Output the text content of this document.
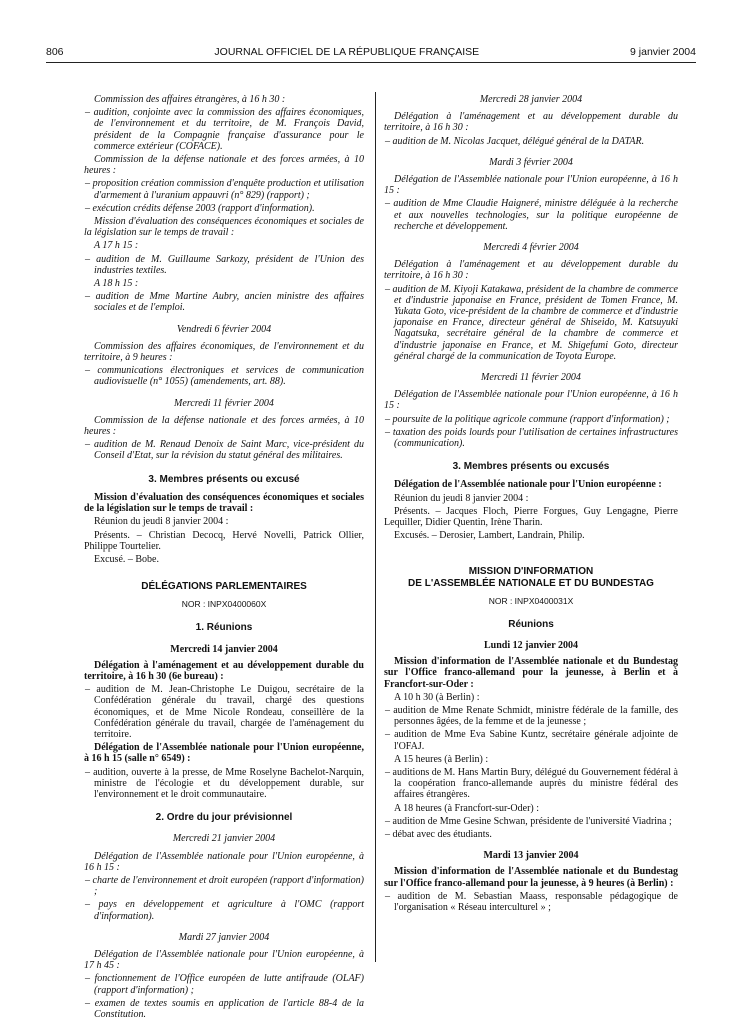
806	JOURNAL OFFICIEL DE LA RÉPUBLIQUE FRANÇAISE	9 janvier 2004

Commission des affaires étrangères, à 16 h 30 :

– audition, conjointe avec la commission des affaires économiques, de l'environnement et du territoire, de M. François David, président de la Compagnie française d'assurance pour le commerce extérieur (COFACE).

Commission de la défense nationale et des forces armées, à 10 heures :

– proposition création commission d'enquête production et utilisation d'armement à l'uranium appauvri (n° 829) (rapport) ;

– exécution crédits défense 2003 (rapport d'information).

Mission d'évaluation des conséquences économiques et sociales de la législation sur le temps de travail :

A 17 h 15 :

– audition de M. Guillaume Sarkozy, président de l'Union des industries textiles.

A 18 h 15 :

– audition de Mme Martine Aubry, ancien ministre des affaires sociales et de l'emploi.

Vendredi 6 février 2004

Commission des affaires économiques, de l'environnement et du territoire, à 9 heures :

– communications électroniques et services de communication audiovisuelle (n° 1055) (amendements, art. 88).

Mercredi 11 février 2004

Commission de la défense nationale et des forces armées, à 10 heures :

– audition de M. Renaud Denoix de Saint Marc, vice-président du Conseil d'Etat, sur la révision du statut général des militaires.

3. Membres présents ou excusé

Mission d'évaluation des conséquences économiques et sociales de la législation sur le temps de travail :

Réunion du jeudi 8 janvier 2004 :

Présents. – Christian Decocq, Hervé Novelli, Patrick Ollier, Philippe Tourtelier.

Excusé. – Bobe.

DÉLÉGATIONS PARLEMENTAIRES

NOR : INPX0400060X

1. Réunions

Mercredi 14 janvier 2004

Délégation à l'aménagement et au développement durable du territoire, à 16 h 30 (6e bureau) :

– audition de M. Jean-Christophe Le Duigou, secrétaire de la Confédération générale du travail, chargé des questions économiques, et de Mme Nicole Rondeau, conseillère de la Confédération générale du travail, chargée de l'aménagement du territoire.

Délégation de l'Assemblée nationale pour l'Union européenne, à 16 h 15 (salle n° 6549) :

– audition, ouverte à la presse, de Mme Roselyne Bachelot-Narquin, ministre de l'écologie et du développement durable, sur l'environnement et le droit communautaire.

2. Ordre du jour prévisionnel

Mercredi 21 janvier 2004

Délégation de l'Assemblée nationale pour l'Union européenne, à 16 h 15 :

– charte de l'environnement et droit européen (rapport d'information) ;

– pays en développement et agriculture à l'OMC (rapport d'information).

Mardi 27 janvier 2004

Délégation de l'Assemblée nationale pour l'Union européenne, à 17 h 45 :

– fonctionnement de l'Office européen de lutte antifraude (OLAF) (rapport d'information) ;

– examen de textes soumis en application de l'article 88-4 de la Constitution.

Mercredi 28 janvier 2004

Délégation à l'aménagement et au développement durable du territoire, à 16 h 30 :

– audition de M. Nicolas Jacquet, délégué général de la DATAR.

Mardi 3 février 2004

Délégation de l'Assemblée nationale pour l'Union européenne, à 16 h 15 :

– audition de Mme Claudie Haigneré, ministre déléguée à la recherche et aux nouvelles technologies, sur la politique européenne de recherche et développement.

Mercredi 4 février 2004

Délégation à l'aménagement et au développement durable du territoire, à 16 h 30 :

– audition de M. Kiyoji Katakawa, président de la chambre de commerce et d'industrie japonaise en France, président de Tomen France, M. Yukata Goto, vice-président de la chambre de commerce et d'industrie japonaise en France, directeur général de Shiseido, M. Katsuyuki Nagatsuka, secrétaire général de la chambre de commerce et d'industrie japonaise en France, et M. Shigefumi Goto, directeur général chargé de la communication de Toyota Europe.

Mercredi 11 février 2004

Délégation de l'Assemblée nationale pour l'Union européenne, à 16 h 15 :

– poursuite de la politique agricole commune (rapport d'information) ;

– taxation des poids lourds pour l'utilisation de certaines infrastructures (communication).

3. Membres présents ou excusés

Délégation de l'Assemblée nationale pour l'Union européenne :

Réunion du jeudi 8 janvier 2004 :

Présents. – Jacques Floch, Pierre Forgues, Guy Lengagne, Pierre Lequiller, Didier Quentin, Irène Tharin.

Excusés. – Derosier, Lambert, Landrain, Philip.

MISSION D'INFORMATION

DE L'ASSEMBLÉE NATIONALE ET DU BUNDESTAG

NOR : INPX0400031X

Réunions

Lundi 12 janvier 2004

Mission d'information de l'Assemblée nationale et du Bundestag sur l'Office franco-allemand pour la jeunesse, à Berlin et à Francfort-sur-Oder :

A 10 h 30 (à Berlin) :

– audition de Mme Renate Schmidt, ministre fédérale de la famille, des personnes âgées, de la femme et de la jeunesse ;

– audition de Mme Eva Sabine Kuntz, secrétaire générale adjointe de l'OFAJ.

A 15 heures (à Berlin) :

– auditions de M. Hans Martin Bury, délégué du Gouvernement fédéral à la coopération franco-allemande auprès du ministre fédéral des affaires étrangères.

A 18 heures (à Francfort-sur-Oder) :

– audition de Mme Gesine Schwan, présidente de l'université Viadrina ;

– débat avec des étudiants.

Mardi 13 janvier 2004

Mission d'information de l'Assemblée nationale et du Bundestag sur l'Office franco-allemand pour la jeunesse, à 9 heures (à Berlin) :

– audition de M. Sebastian Maass, responsable pédagogique de l'organisation « Réseau interculturel » ;
